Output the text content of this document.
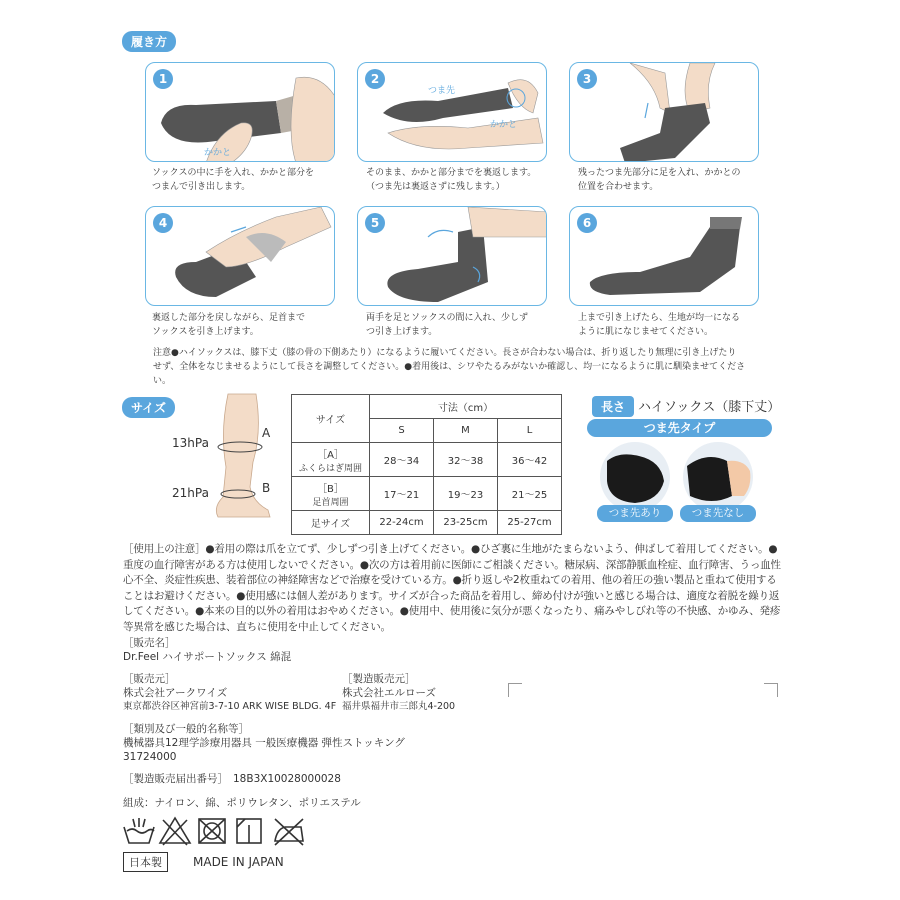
履き方
かかと
1
ソックスの中に手を入れ、かかと部分を
つまんで引き出します。
つま先
かかと
2
そのまま、かかと部分までを裏返します。
（つま先は裏返さずに残します。）
3
残ったつま先部分に足を入れ、かかとの
位置を合わせます。
4
裏返した部分を戻しながら、足首まで
ソックスを引き上げます。
5
両手を足とソックスの間に入れ、少しず
つ引き上げます。
6
上まで引き上げたら、生地が均一になる
ように肌になじませてください。
注意●ハイソックスは、膝下丈（膝の骨の下側あたり）になるように履いてください。長さが合わない場合は、折り返したり無理に引き上げたり
せず、全体をなじませるようにして長さを調整してください。●着用後は、シワやたるみがないか確認し、均一になるように肌に馴染ませてください。
サイズ
13hPa
A
21hPa	B
サイズ	寸法（cm）		
	S	M	L

［A］
ふくらはぎ周囲	28〜34	32〜38	36〜42

［B］
足首周囲	17〜21	19〜23	21〜25
足サイズ	22-24cm	23-25cm	25-27cm
長さ ハイソックス（膝下丈）
つま先タイプ
つま先あり	つま先なし
［使用上の注意］●着用の際は爪を立てず、少しずつ引き上げてください。●ひざ裏に生地がたまらないよう、伸ばして着用してください。●重度の血行障害がある方は使用しないでください。●次の方は着用前に医師にご相談ください。糖尿病、深部静脈血栓症、血行障害、うっ血性心不全、炎症性疾患、装着部位の神経障害などで治療を受けている方。●折り返しや2枚重ねての着用、他の着圧の強い製品と重ねて使用することはお避けください。●使用感には個人差があります。サイズが合った商品を着用し、締め付けが強いと感じる場合は、適度な着脱を繰り返してください。●本来の目的以外の着用はおやめください。●使用中、使用後に気分が悪くなったり、痛みやしびれ等の不快感、かゆみ、発疹等異常を感じた場合は、直ちに使用を中止してください。
［販売名］
Dr.Feel ハイサポートソックス 綿混
［販売元］
株式会社アークワイズ
東京都渋谷区神宮前3-7-10 ARK WISE BLDG. 4F
［製造販売元］
株式会社エルローズ
福井県福井市三郎丸4-200
［類別及び一般的名称等］
機械器具12理学診療用器具 一般医療機器 弾性ストッキング
31724000
［製造販売届出番号］ 18B3X10028000028
組成：ナイロン、綿、ポリウレタン、ポリエステル
日本製	MADE IN JAPAN
